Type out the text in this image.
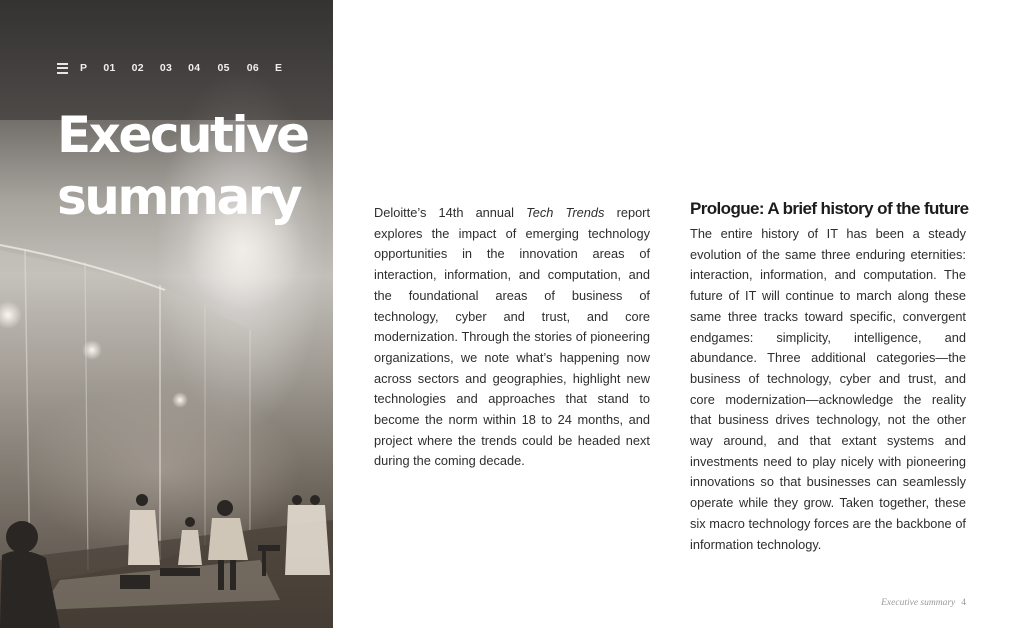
P 01 02 03 04 05 06 E
Executive
summary	Deloitte’s 14th annual Tech Trends report explores the impact of emerging technology opportunities in the innovation areas of interaction, information, and computation, and the foundational areas of business of technology, cyber and trust, and core modernization. Through the stories of pioneering organizations, we note what’s happening now across sectors and geographies, highlight new technologies and approaches that stand to become the norm within 18 to 24 months, and project where the trends could be headed next during the coming decade.

Prologue: A brief history of the future

The entire history of IT has been a steady evolution of the same three enduring eternities: interaction, information, and computation. The future of IT will continue to march along these same three tracks toward specific, convergent endgames: simplicity, intelligence, and abundance. Three additional categories—the business of technology, cyber and trust, and core modernization—acknowledge the reality that business drives technology, not the other way around, and that extant systems and investments need to play nicely with pioneering innovations so that businesses can seamlessly operate while they grow. Taken together, these six macro technology forces are the backbone of information technology.

Executive summary 4
